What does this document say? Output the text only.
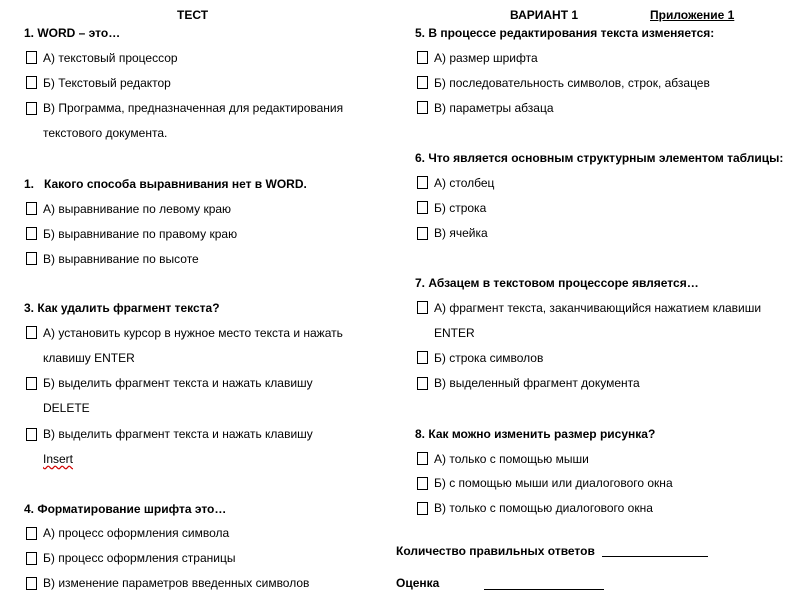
ТЕСТ	ВАРИАНТ 1	Приложение 1
1. WORD – это…
А) текстовый процессор
Б) Текстовый редактор
В) Программа, предназначенная для редактирования
текстового документа.
1. Какого способа выравнивания нет в WORD.
А) выравнивание по левому краю
Б) выравнивание по правому краю
В) выравнивание по высоте
3. Как удалить фрагмент текста?
А) установить курсор в нужное место текста и нажать
клавишу ENTER
Б) выделить фрагмент текста и нажать клавишу
DELETE
В) выделить фрагмент текста и нажать клавишу
Insert
4. Форматирование шрифта это…
А) процесс оформления символа
Б) процесс оформления страницы
В) изменение параметров введенных символов
5. В процессе редактирования текста изменяется:
А) размер шрифта
Б) последовательность символов, строк, абзацев
В) параметры абзаца
6. Что является основным структурным элементом таблицы:
А) столбец
Б) строка
В) ячейка
7. Абзацем в текстовом процессоре является…
А) фрагмент текста, заканчивающийся нажатием клавиши
ENTER
Б) строка символов
В) выделенный фрагмент документа
8. Как можно изменить размер рисунка?
А) только с помощью мыши
Б) с помощью мыши или диалогового окна
В) только с помощью диалогового окна
Количество правильных ответов
Оценка
